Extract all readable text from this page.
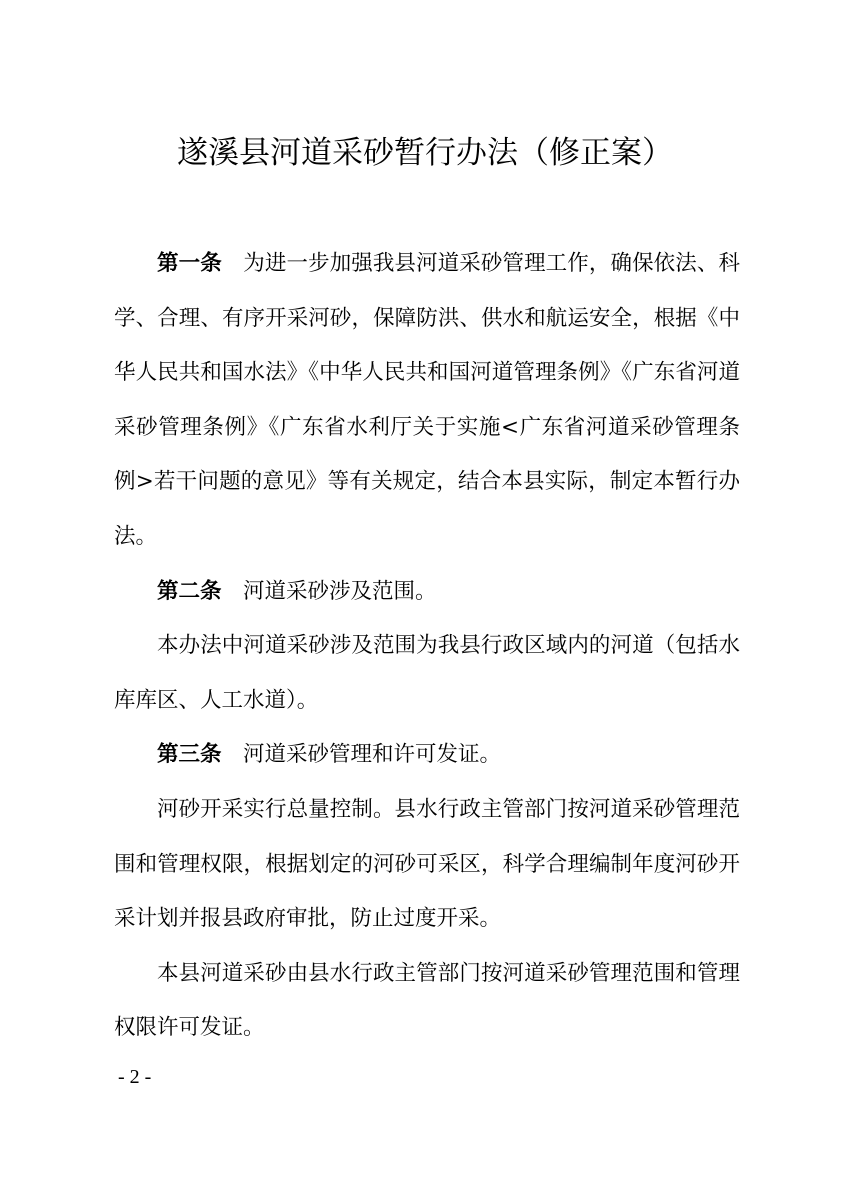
遂溪县河道采砂暂行办法（修正案）

第一条 为进一步加强我县河道采砂管理工作，确保依法、科学、合理、有序开采河砂，保障防洪、供水和航运安全，根据《中华人民共和国水法》《中华人民共和国河道管理条例》《广东省河道采砂管理条例》《广东省水利厅关于实施<广东省河道采砂管理条例>若干问题的意见》等有关规定，结合本县实际，制定本暂行办法。

第二条 河道采砂涉及范围。

本办法中河道采砂涉及范围为我县行政区域内的河道（包括水库库区、人工水道）。

第三条 河道采砂管理和许可发证。

河砂开采实行总量控制。县水行政主管部门按河道采砂管理范围和管理权限，根据划定的河砂可采区，科学合理编制年度河砂开采计划并报县政府审批，防止过度开采。

本县河道采砂由县水行政主管部门按河道采砂管理范围和管理权限许可发证。

- 2 -
